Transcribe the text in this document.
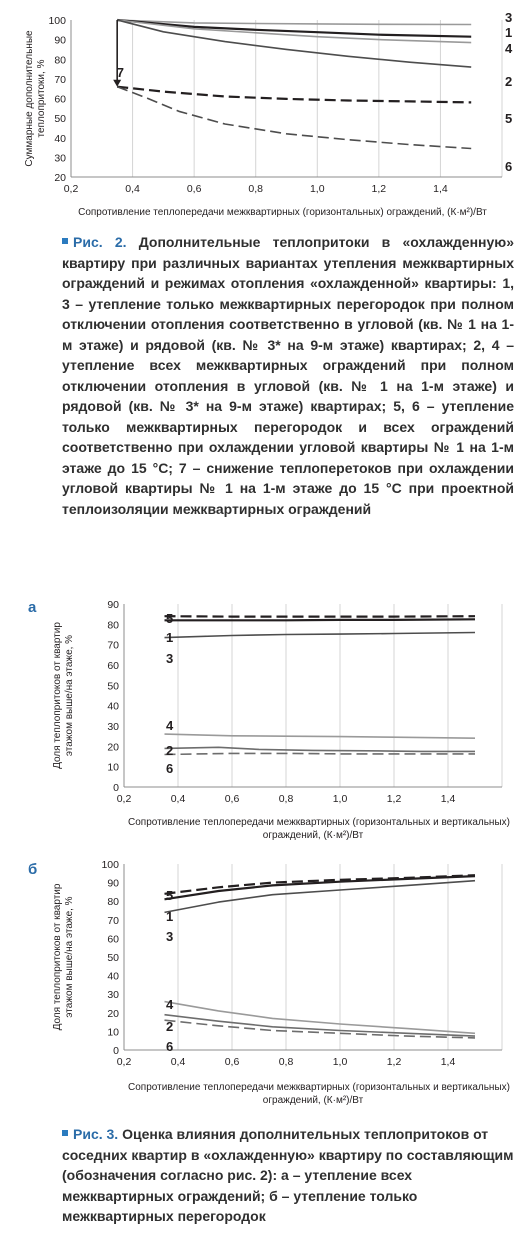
0,2	0,4	0,6	0,8	1,0	1,2	1,4
20
30
40
50
60
70
80
90
100
Суммарные дополнительныетеплопритоки, %
Сопротивление теплопередачи межквартирных (горизонтальных) ограждений, (К·м²)/Вт
3
1
4
2
5
6
7
Рис. 2. Дополнительные теплопритоки в «охлажденную» квартиру при различных вариантах утепления межквартирных ограждений и режимах отопления «охлажденной» квартиры: 1, 3 – утепление только межквартирных перегородок при полном отключении отопления соответственно в угловой (кв. № 1 на 1-м этаже) и рядовой (кв. № 3* на 9-м этаже) квартирах; 2, 4 – утепление всех межквартирных ограждений при полном отключении отопления в угловой (кв. № 1 на 1-м этаже) и рядовой (кв. № 3* на 9-м этаже) квартирах; 5, 6 – утепление только межквартирных перегородок и всех ограждений соответственно при охлаждении угловой квартиры № 1 на 1-м этаже до 15 °С; 7 – снижение теплоперетоков при охлаждении угловой квартиры № 1 на 1-м этаже до 15 °С при проектной теплоизоляции межквартирных ограждений
0,2	0,4	0,6	0,8	1,0	1,2	1,4
0
10
20
30
40
50
60
70
80
90
Доля теплопритоков от квартирэтажом выше/на этаже, %
Сопротивление теплопередачи межквартирных (горизонтальных и вертикальных) ограждений, (К·м²)/Вт
5
3
1
4
2
6
а
0,2	0,4	0,6	0,8	1,0	1,2	1,4
0
10
20
30
40
50
60
70
80
90
100
Доля теплопритоков от квартирэтажом выше/на этаже, %
Сопротивление теплопередачи межквартирных (горизонтальных и вертикальных) ограждений, (К·м²)/Вт
5
3
1
4
2
6
б
Рис. 3. Оценка влияния дополнительных теплопритоков от соседних квартир в «охлажденную» квартиру по составляющим (обозначения согласно рис. 2): а – утепление всех межквартирных ограждений; б – утепление только межквартирных перегородок
